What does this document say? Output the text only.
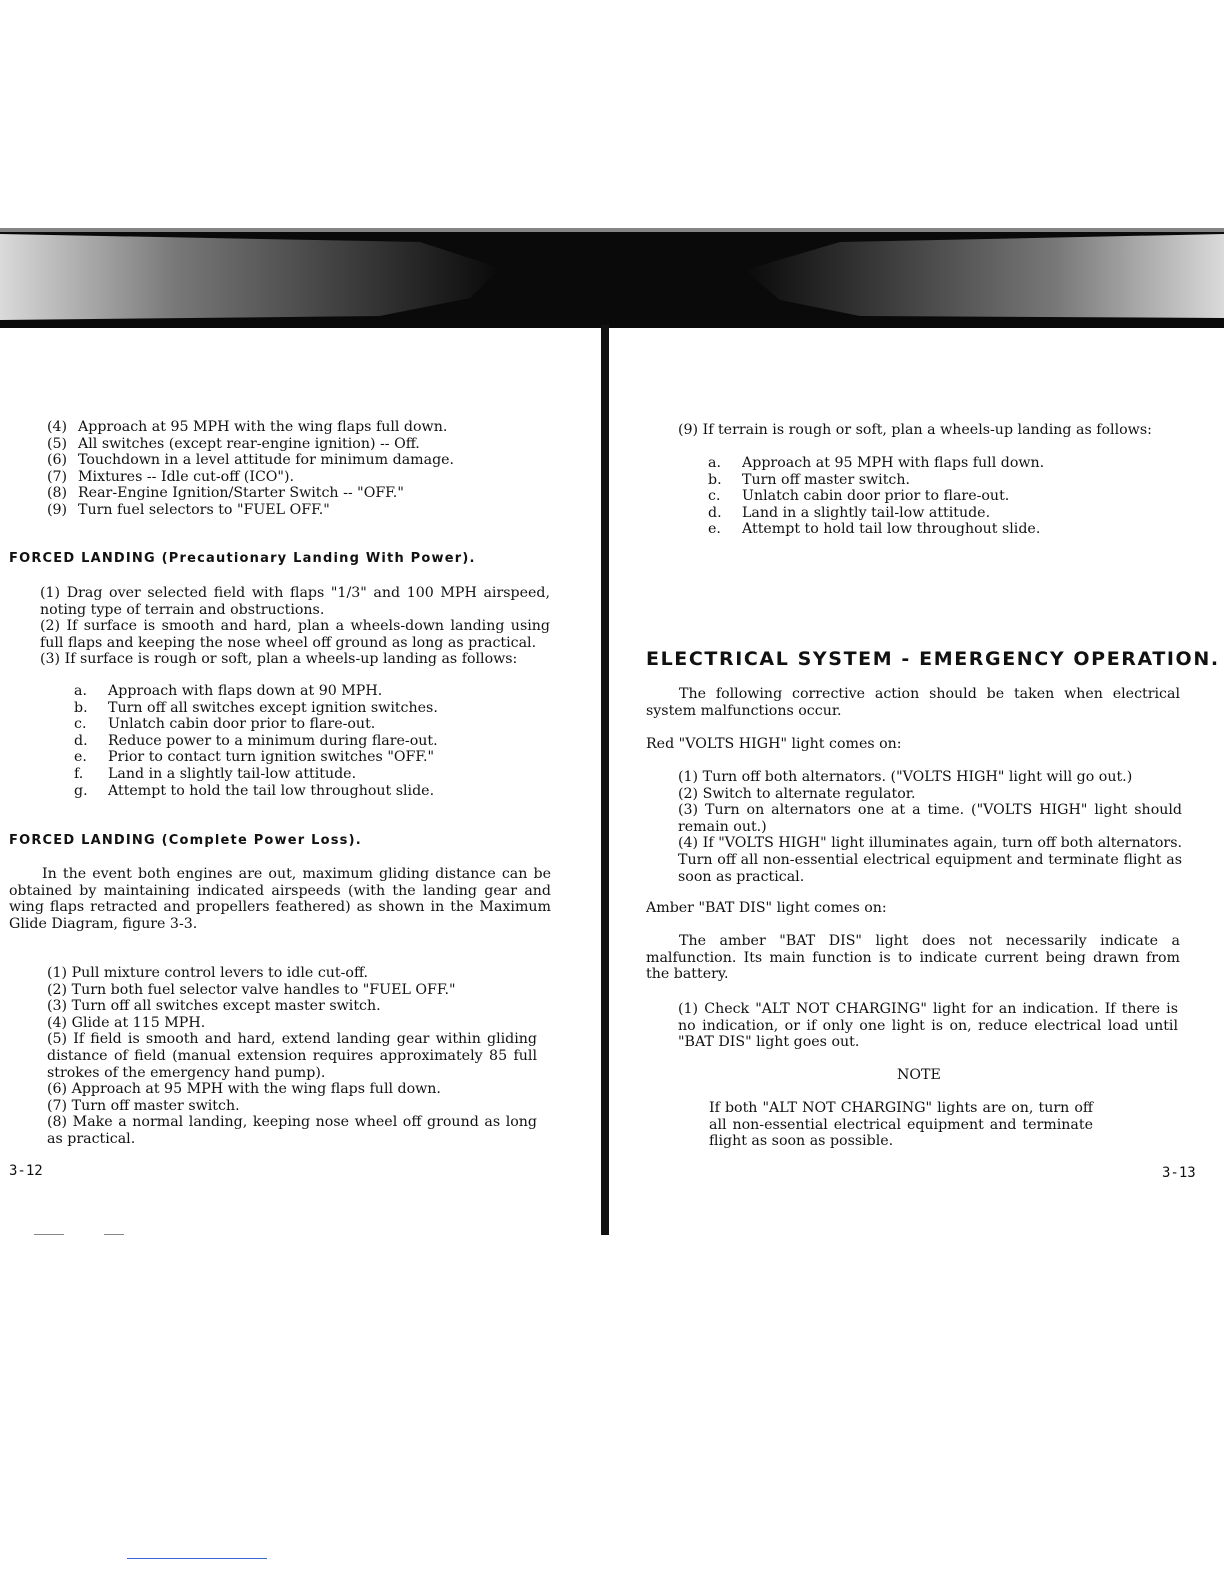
(4) Approach at 95 MPH with the wing flaps full down.
(5) All switches (except rear-engine ignition) -- Off.
(6) Touchdown in a level attitude for minimum damage.
(7) Mixtures -- Idle cut-off (ICO").
(8) Rear-Engine Ignition/Starter Switch -- "OFF."
(9) Turn fuel selectors to "FUEL OFF."
FORCED LANDING (Precautionary Landing With Power).
(1) Drag over selected field with flaps "1/3" and 100 MPH airspeed, noting type of terrain and obstructions.
(2) If surface is smooth and hard, plan a wheels-down landing using full flaps and keeping the nose wheel off ground as long as practical.
(3) If surface is rough or soft, plan a wheels-up landing as follows:
a. Approach with flaps down at 90 MPH.
b. Turn off all switches except ignition switches.
c. Unlatch cabin door prior to flare-out.
d. Reduce power to a minimum during flare-out.
e. Prior to contact turn ignition switches "OFF."
f. Land in a slightly tail-low attitude.
g. Attempt to hold the tail low throughout slide.
FORCED LANDING (Complete Power Loss).
In the event both engines are out, maximum gliding distance can be obtained by maintaining indicated airspeeds (with the landing gear and wing flaps retracted and propellers feathered) as shown in the Maximum Glide Diagram, figure 3-3.
(1) Pull mixture control levers to idle cut-off.
(2) Turn both fuel selector valve handles to "FUEL OFF."
(3) Turn off all switches except master switch.
(4) Glide at 115 MPH.
(5) If field is smooth and hard, extend landing gear within gliding distance of field (manual extension requires approximately 85 full strokes of the emergency hand pump).
(6) Approach at 95 MPH with the wing flaps full down.
(7) Turn off master switch.
(8) Make a normal landing, keeping nose wheel off ground as long as practical.
3-12
(9) If terrain is rough or soft, plan a wheels-up landing as follows:
a. Approach at 95 MPH with flaps full down.
b. Turn off master switch.
c. Unlatch cabin door prior to flare-out.
d. Land in a slightly tail-low attitude.
e. Attempt to hold tail low throughout slide.
ELECTRICAL SYSTEM - EMERGENCY OPERATION.
The following corrective action should be taken when electrical system malfunctions occur.
Red "VOLTS HIGH" light comes on:
(1) Turn off both alternators. ("VOLTS HIGH" light will go out.)
(2) Switch to alternate regulator.
(3) Turn on alternators one at a time. ("VOLTS HIGH" light should remain out.)
(4) If "VOLTS HIGH" light illuminates again, turn off both alternators. Turn off all non-essential electrical equipment and terminate flight as soon as practical.
Amber "BAT DIS" light comes on:
The amber "BAT DIS" light does not necessarily indicate a malfunction. Its main function is to indicate current being drawn from the battery.
(1) Check "ALT NOT CHARGING" light for an indication. If there is no indication, or if only one light is on, reduce electrical load until "BAT DIS" light goes out.
NOTE
If both "ALT NOT CHARGING" lights are on, turn off all non-essential electrical equipment and terminate flight as soon as possible.
3-13
